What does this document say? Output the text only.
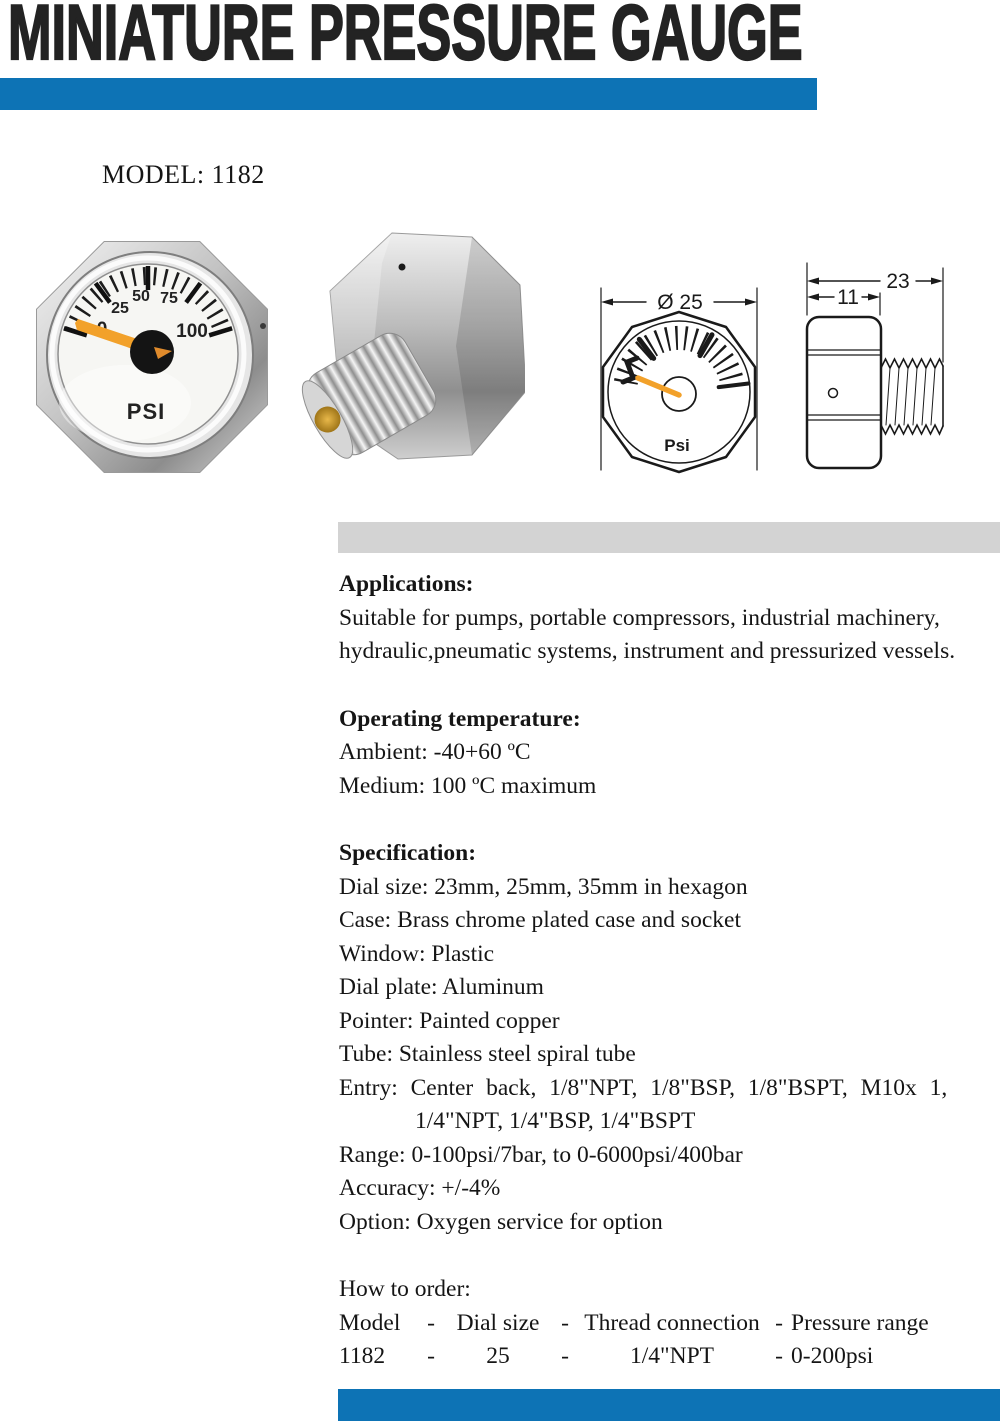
MINIATURE PRESSURE GAUGE
MODEL: 1182
25
50 75
100
PSI
Psi
Ø 25
23
11

Applications:

Suitable for pumps, portable compressors, industrial machinery,

hydraulic,pneumatic systems, instrument and pressurized vessels.

Operating temperature:

Ambient: -40+60 ºC

Medium: 100 ºC maximum

Specification:

Dial size: 23mm, 25mm, 35mm in hexagon

Case: Brass chrome plated case and socket

Window: Plastic

Dial plate: Aluminum

Pointer: Painted copper

Tube: Stainless steel spiral tube

Entry: Center back, 1/8"NPT, 1/8"BSP, 1/8"BSPT, M10x 1,

1/4"NPT, 1/4"BSP, 1/4"BSPT

Range: 0-100psi/7bar, to 0-6000psi/400bar

Accuracy: +/-4%

Option: Oxygen service for option

How to order:

Model	- Dial size - Thread connection - Pressure range
1182	-	25	-	1/4"NPT	- 0-200psi
